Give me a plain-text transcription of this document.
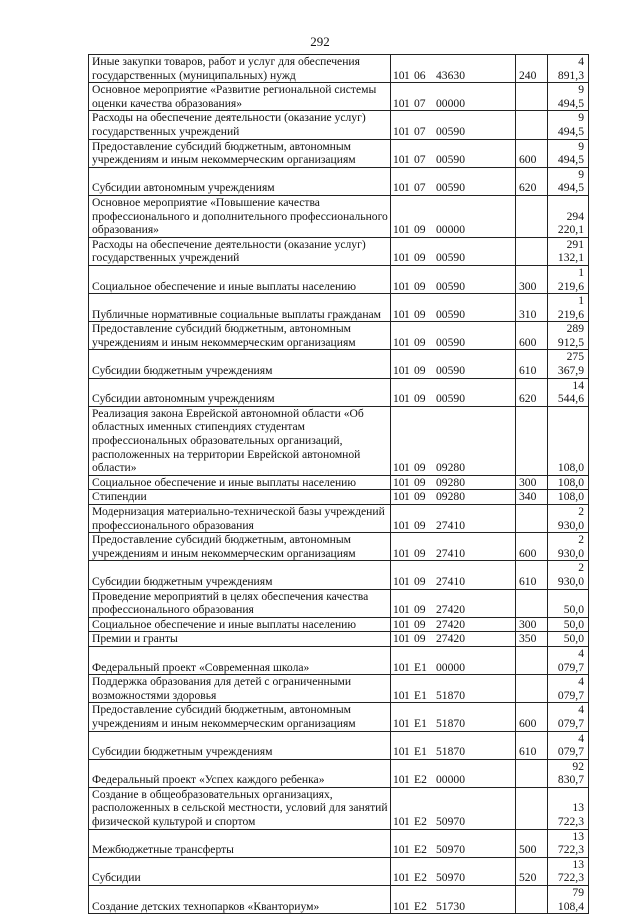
292
Иные закупки товаров, работ и услуг для обеспечения государственных (муниципальных) нужд	101 06 43630	240	4 891,3
Основное мероприятие «Развитие региональной системы оценки качества образования»	101 07 00000		9 494,5
Расходы на обеспечение деятельности (оказание услуг) государственных учреждений	101 07 00590		9 494,5
Предоставление субсидий бюджетным, автономным учреждениям и иным некоммерческим организациям	101 07 00590	600	9 494,5
Субсидии автономным учреждениям	101 07 00590	620	9 494,5
Основное мероприятие «Повышение качества профессионального и дополнительного профессионального образования»	101 09 00000		294 220,1
Расходы на обеспечение деятельности (оказание услуг) государственных учреждений	101 09 00590		291 132,1
Социальное обеспечение и иные выплаты населению	101 09 00590	300	1 219,6
Публичные нормативные социальные выплаты гражданам	101 09 00590	310	1 219,6
Предоставление субсидий бюджетным, автономным учреждениям и иным некоммерческим организациям	101 09 00590	600	289 912,5
Субсидии бюджетным учреждениям	101 09 00590	610	275 367,9
Субсидии автономным учреждениям	101 09 00590	620	14 544,6
Реализация закона Еврейской автономной области «Об областных именных стипендиях студентам профессиональных образовательных организаций, расположенных на территории Еврейской автономной области»	101 09 09280		108,0
Социальное обеспечение и иные выплаты населению	101 09 09280	300	108,0
Стипендии	101 09 09280	340	108,0
Модернизация материально-технической базы учреждений профессионального образования	101 09 27410		2 930,0
Предоставление субсидий бюджетным, автономным учреждениям и иным некоммерческим организациям	101 09 27410	600	2 930,0
Субсидии бюджетным учреждениям	101 09 27410	610	2 930,0
Проведение мероприятий в целях обеспечения качества профессионального образования	101 09 27420		50,0
Социальное обеспечение и иные выплаты населению	101 09 27420	300	50,0
Премии и гранты	101 09 27420	350	50,0
Федеральный проект «Современная школа»	101 E1 00000		4 079,7
Поддержка образования для детей с ограниченными возможностями здоровья	101 E1 51870		4 079,7
Предоставление субсидий бюджетным, автономным учреждениям и иным некоммерческим организациям	101 E1 51870	600	4 079,7
Субсидии бюджетным учреждениям	101 E1 51870	610	4 079,7
Федеральный проект «Успех каждого ребенка»	101 E2 00000		92 830,7
Создание в общеобразовательных организациях, расположенных в сельской местности, условий для занятий физической культурой и спортом	101 E2 50970		13 722,3
Межбюджетные трансферты	101 E2 50970	500	13 722,3
Субсидии	101 E2 50970	520	13 722,3
Создание детских технопарков «Кванториум»	101 E2 51730		79 108,4
